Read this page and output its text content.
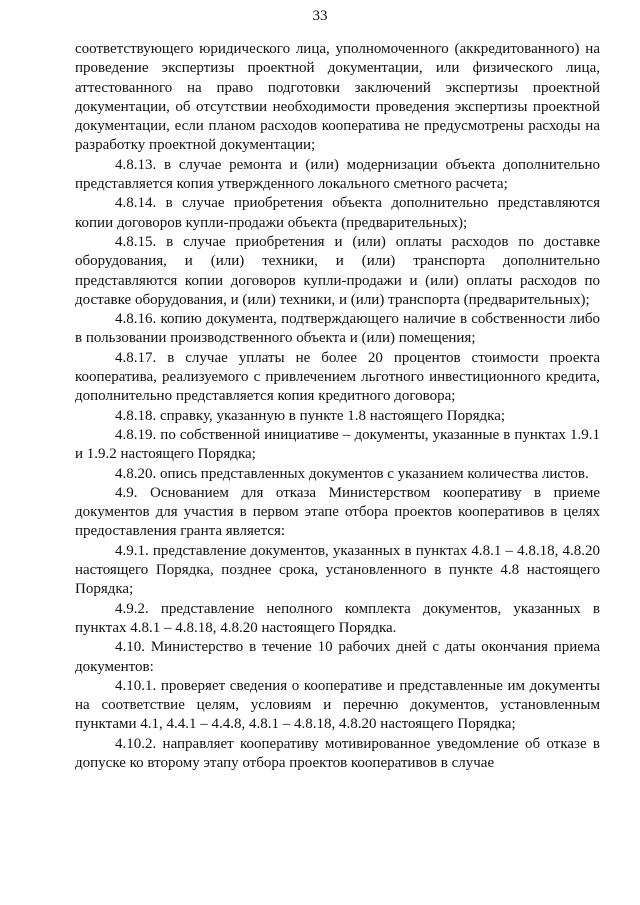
33

соответствующего юридического лица, уполномоченного (аккредитованного) на проведение экспертизы проектной документации, или физического лица, аттестованного на право подготовки заключений экспертизы проектной документации, об отсутствии необходимости проведения экспертизы проектной документации, если планом расходов кооператива не предусмотрены расходы на разработку проектной документации;

4.8.13. в случае ремонта и (или) модернизации объекта дополнительно представляется копия утвержденного локального сметного расчета;

4.8.14. в случае приобретения объекта дополнительно представляются копии договоров купли-продажи объекта (предварительных);

4.8.15. в случае приобретения и (или) оплаты расходов по доставке оборудования, и (или) техники, и (или) транспорта дополнительно представляются копии договоров купли-продажи и (или) оплаты расходов по доставке оборудования, и (или) техники, и (или) транспорта (предварительных);

4.8.16. копию документа, подтверждающего наличие в собственности либо в пользовании производственного объекта и (или) помещения;

4.8.17. в случае уплаты не более 20 процентов стоимости проекта кооператива, реализуемого с привлечением льготного инвестиционного кредита, дополнительно представляется копия кредитного договора;

4.8.18. справку, указанную в пункте 1.8 настоящего Порядка;

4.8.19. по собственной инициативе – документы, указанные в пунктах 1.9.1 и 1.9.2 настоящего Порядка;

4.8.20. опись представленных документов с указанием количества листов.

4.9. Основанием для отказа Министерством кооперативу в приеме документов для участия в первом этапе отбора проектов кооперативов в целях предоставления гранта является:

4.9.1. представление документов, указанных в пунктах 4.8.1 – 4.8.18, 4.8.20 настоящего Порядка, позднее срока, установленного в пункте 4.8 настоящего Порядка;

4.9.2. представление неполного комплекта документов, указанных в пунктах 4.8.1 – 4.8.18, 4.8.20 настоящего Порядка.

4.10. Министерство в течение 10 рабочих дней с даты окончания приема документов:

4.10.1. проверяет сведения о кооперативе и представленные им документы на соответствие целям, условиям и перечню документов, установленным пунктами 4.1, 4.4.1 – 4.4.8, 4.8.1 – 4.8.18, 4.8.20 настоящего Порядка;

4.10.2. направляет кооперативу мотивированное уведомление об отказе в допуске ко второму этапу отбора проектов кооперативов в случае
